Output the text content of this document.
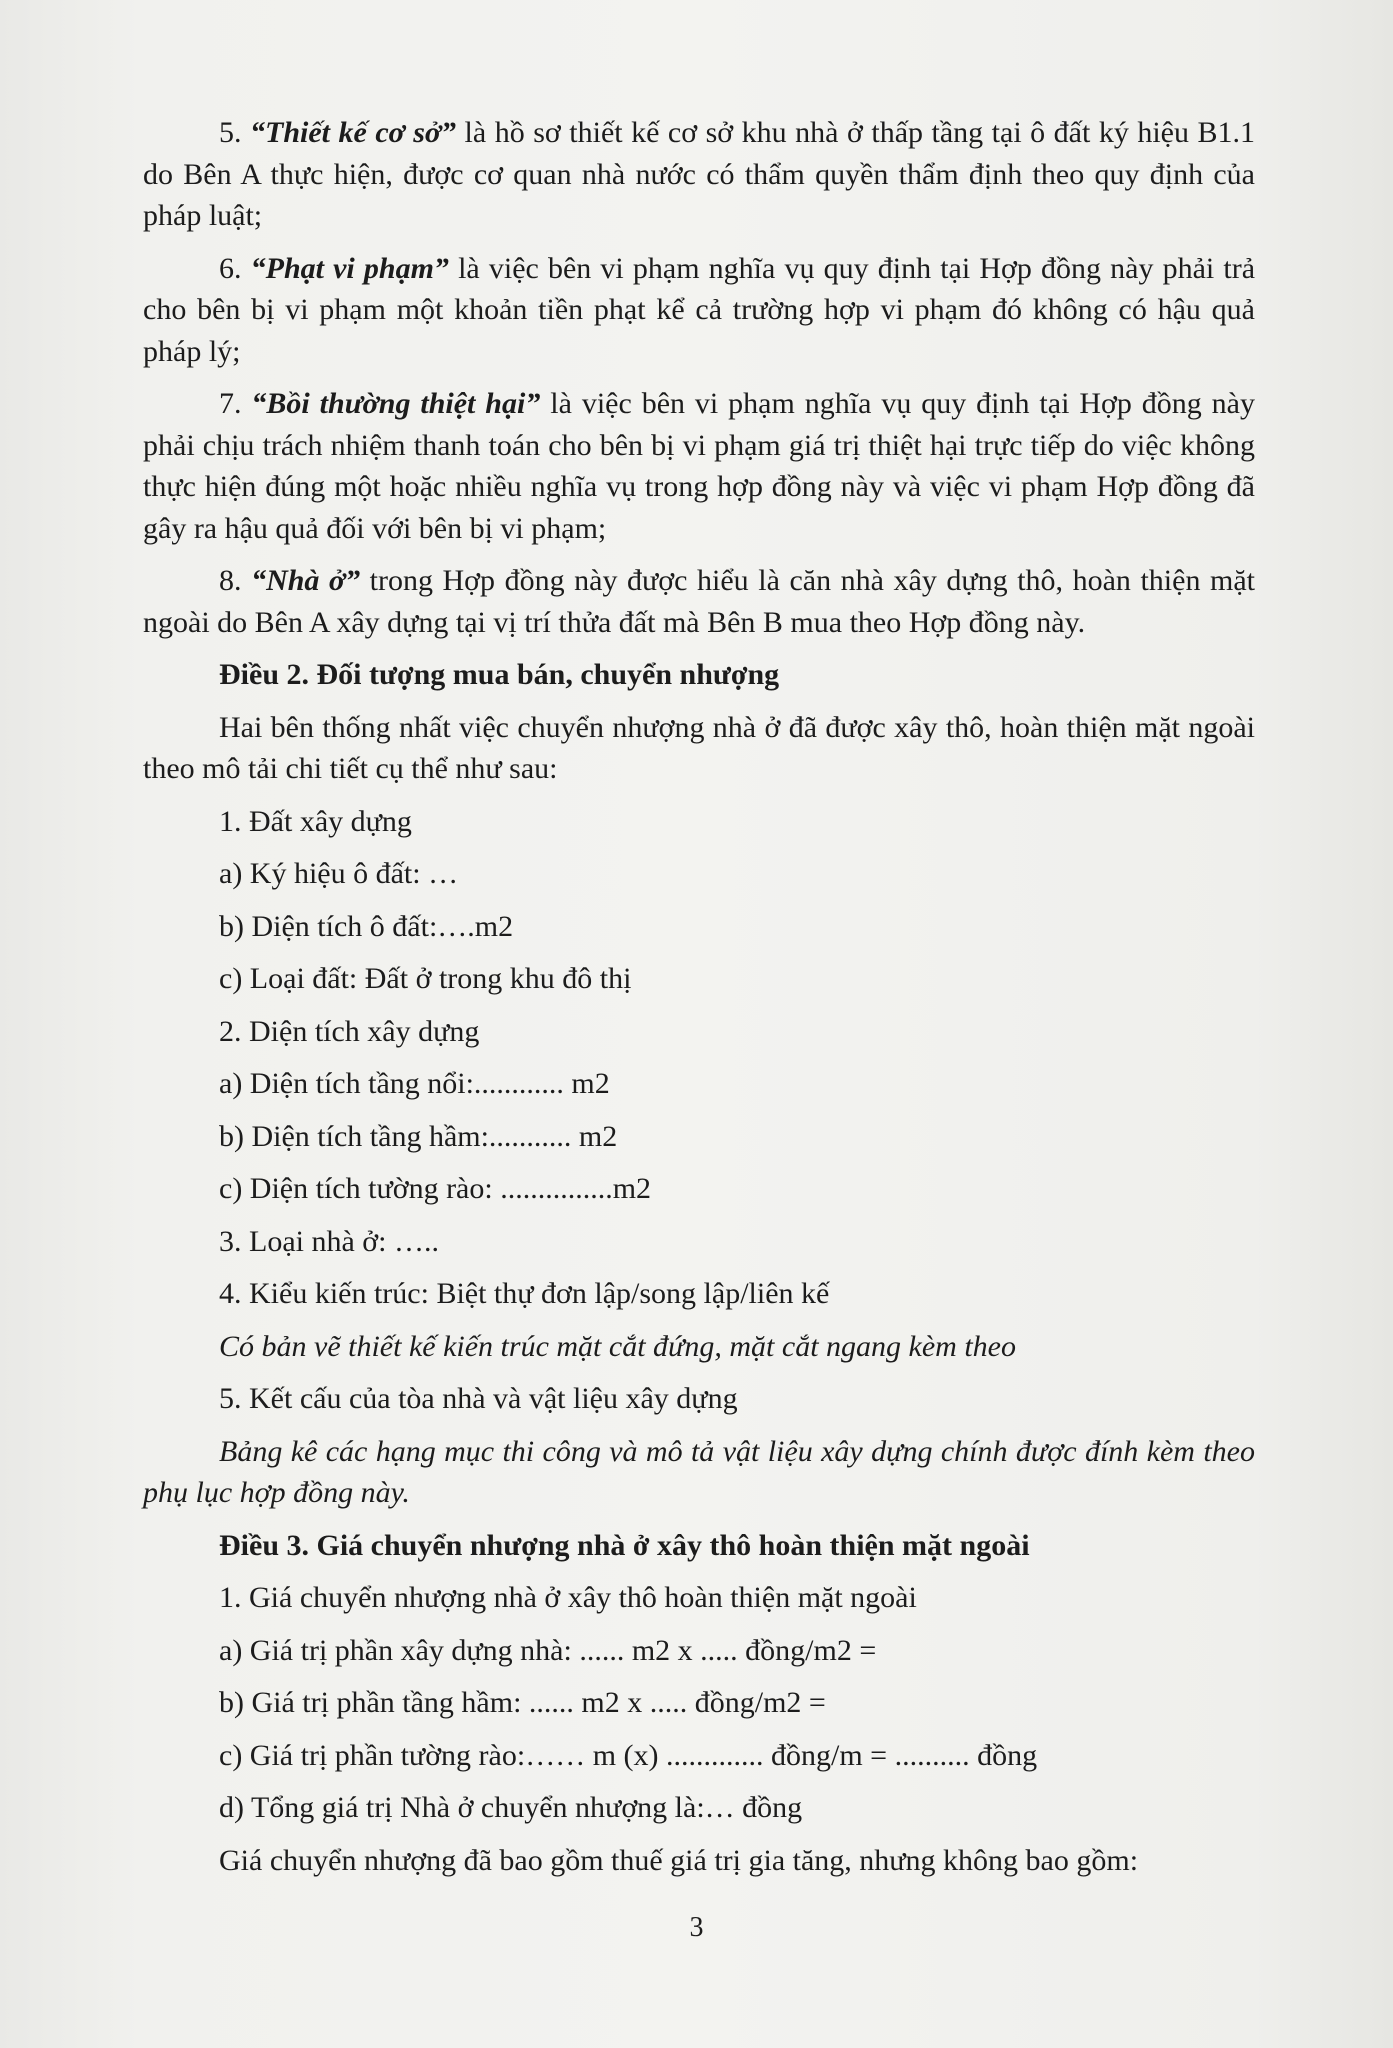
5. “Thiết kế cơ sở” là hồ sơ thiết kế cơ sở khu nhà ở thấp tầng tại ô đất ký hiệu B1.1 do Bên A thực hiện, được cơ quan nhà nước có thẩm quyền thẩm định theo quy định của pháp luật;

6. “Phạt vi phạm” là việc bên vi phạm nghĩa vụ quy định tại Hợp đồng này phải trả cho bên bị vi phạm một khoản tiền phạt kể cả trường hợp vi phạm đó không có hậu quả pháp lý;

7. “Bồi thường thiệt hại” là việc bên vi phạm nghĩa vụ quy định tại Hợp đồng này phải chịu trách nhiệm thanh toán cho bên bị vi phạm giá trị thiệt hại trực tiếp do việc không thực hiện đúng một hoặc nhiều nghĩa vụ trong hợp đồng này và việc vi phạm Hợp đồng đã gây ra hậu quả đối với bên bị vi phạm;

8. “Nhà ở” trong Hợp đồng này được hiểu là căn nhà xây dựng thô, hoàn thiện mặt ngoài do Bên A xây dựng tại vị trí thửa đất mà Bên B mua theo Hợp đồng này.

Điều 2. Đối tượng mua bán, chuyển nhượng

Hai bên thống nhất việc chuyển nhượng nhà ở đã được xây thô, hoàn thiện mặt ngoài theo mô tải chi tiết cụ thể như sau:

1. Đất xây dựng

a) Ký hiệu ô đất: …

b) Diện tích ô đất:….m2

c) Loại đất: Đất ở trong khu đô thị

2. Diện tích xây dựng

a) Diện tích tầng nổi:............ m2

b) Diện tích tầng hầm:........... m2

c) Diện tích tường rào: ...............m2

3. Loại nhà ở: …..

4. Kiểu kiến trúc: Biệt thự đơn lập/song lập/liên kế

Có bản vẽ thiết kế kiến trúc mặt cắt đứng, mặt cắt ngang kèm theo

5. Kết cấu của tòa nhà và vật liệu xây dựng

Bảng kê các hạng mục thi công và mô tả vật liệu xây dựng chính được đính kèm theo phụ lục hợp đồng này.

Điều 3. Giá chuyển nhượng nhà ở xây thô hoàn thiện mặt ngoài

1. Giá chuyển nhượng nhà ở xây thô hoàn thiện mặt ngoài

a) Giá trị phần xây dựng nhà: ...... m2 x ..... đồng/m2 =

b) Giá trị phần tầng hầm: ...... m2 x ..... đồng/m2 =

c) Giá trị phần tường rào:…… m (x) ............. đồng/m = .......... đồng

d) Tổng giá trị Nhà ở chuyển nhượng là:… đồng

Giá chuyển nhượng đã bao gồm thuế giá trị gia tăng, nhưng không bao gồm:

3
